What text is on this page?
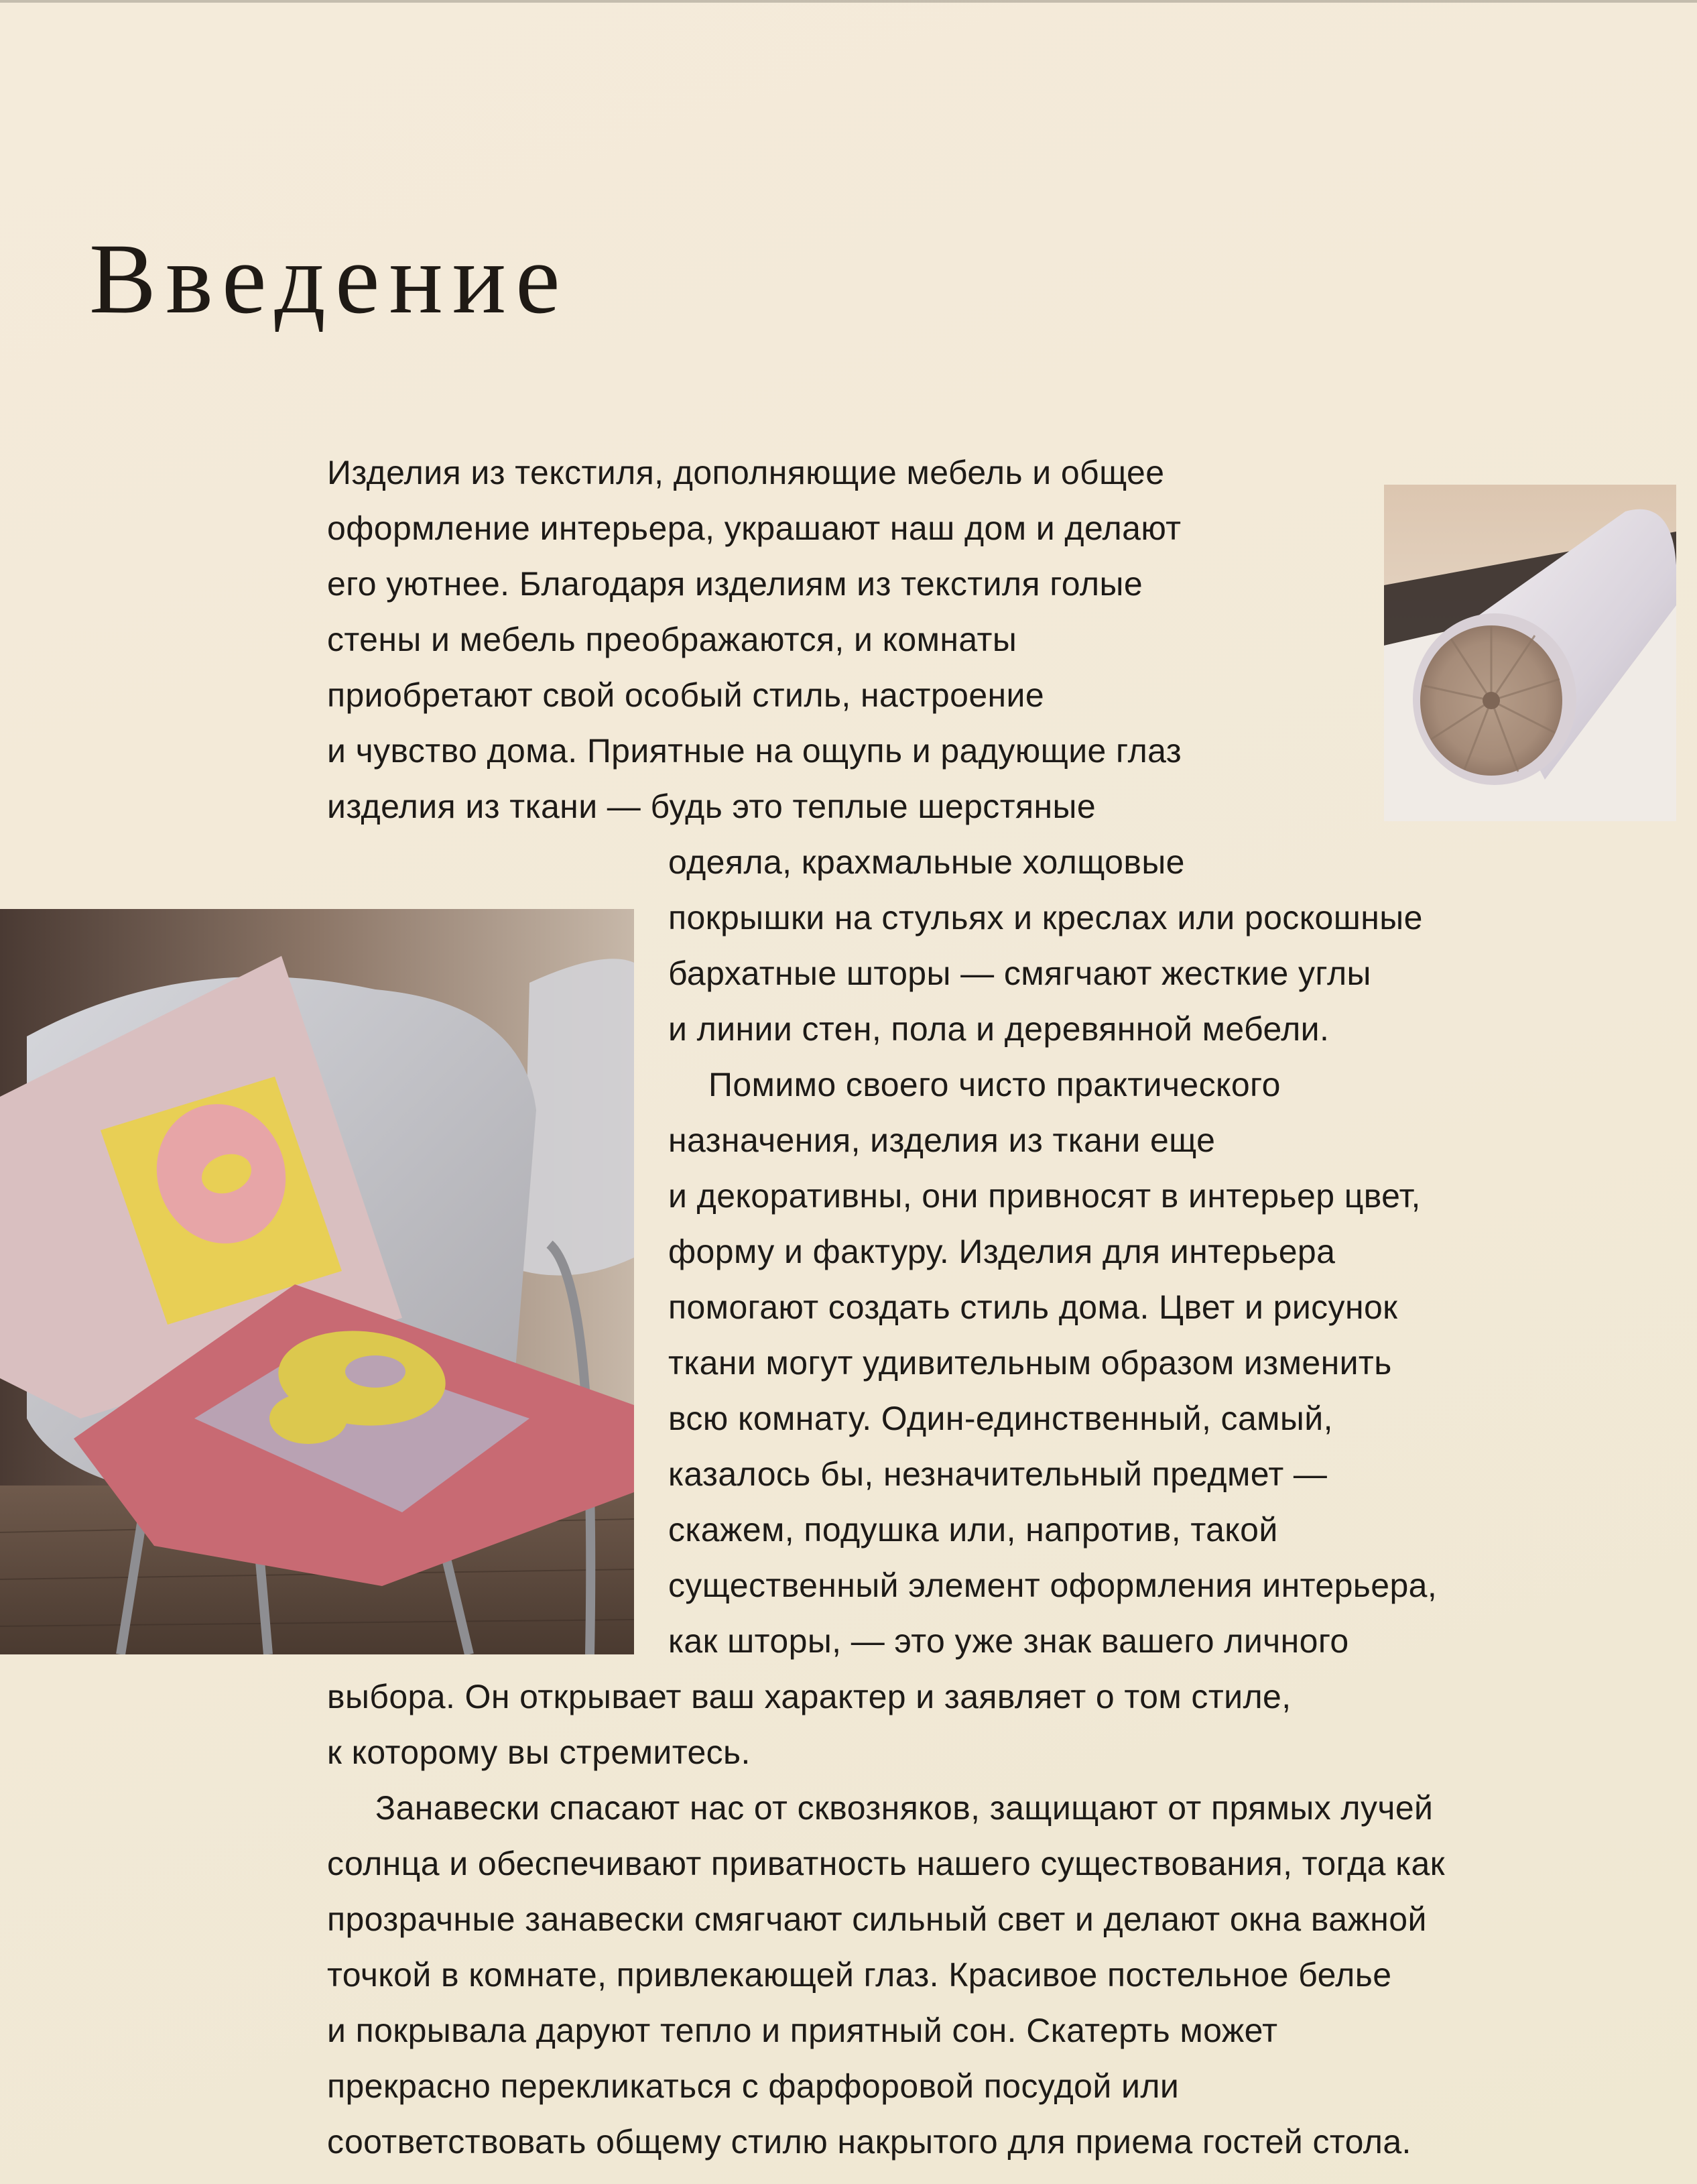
Введение

Изделия из текстиля, дополняющие мебель и общее

оформление интерьера, украшают наш дом и делают

его уютнее. Благодаря изделиям из текстиля голые

стены и мебель преображаются, и комнаты

приобретают свой особый стиль, настроение

и чувство дома. Приятные на ощупь и радующие глаз

изделия из ткани — будь это теплые шерстяные

одеяла, крахмальные холщовые

покрышки на стульях и креслах или роскошные

бархатные шторы — смягчают жесткие углы

и линии стен, пола и деревянной мебели.

Помимо своего чисто практического

назначения, изделия из ткани еще

и декоративны, они привносят в интерьер цвет,

форму и фактуру. Изделия для интерьера

помогают создать стиль дома. Цвет и рисунок

ткани могут удивительным образом изменить

всю комнату. Один-единственный, самый,

казалось бы, незначительный предмет —

скажем, подушка или, напротив, такой

существенный элемент оформления интерьера,

как шторы, — это уже знак вашего личного

выбора. Он открывает ваш характер и заявляет о том стиле,

к которому вы стремитесь.

Занавески спасают нас от сквозняков, защищают от прямых лучей

солнца и обеспечивают приватность нашего существования, тогда как

прозрачные занавески смягчают сильный свет и делают окна важной

точкой в комнате, привлекающей глаз. Красивое постельное белье

и покрывала даруют тепло и приятный сон. Скатерть может

прекрасно перекликаться с фарфоровой посудой или

соответствовать общему стилю накрытого для приема гостей стола.
